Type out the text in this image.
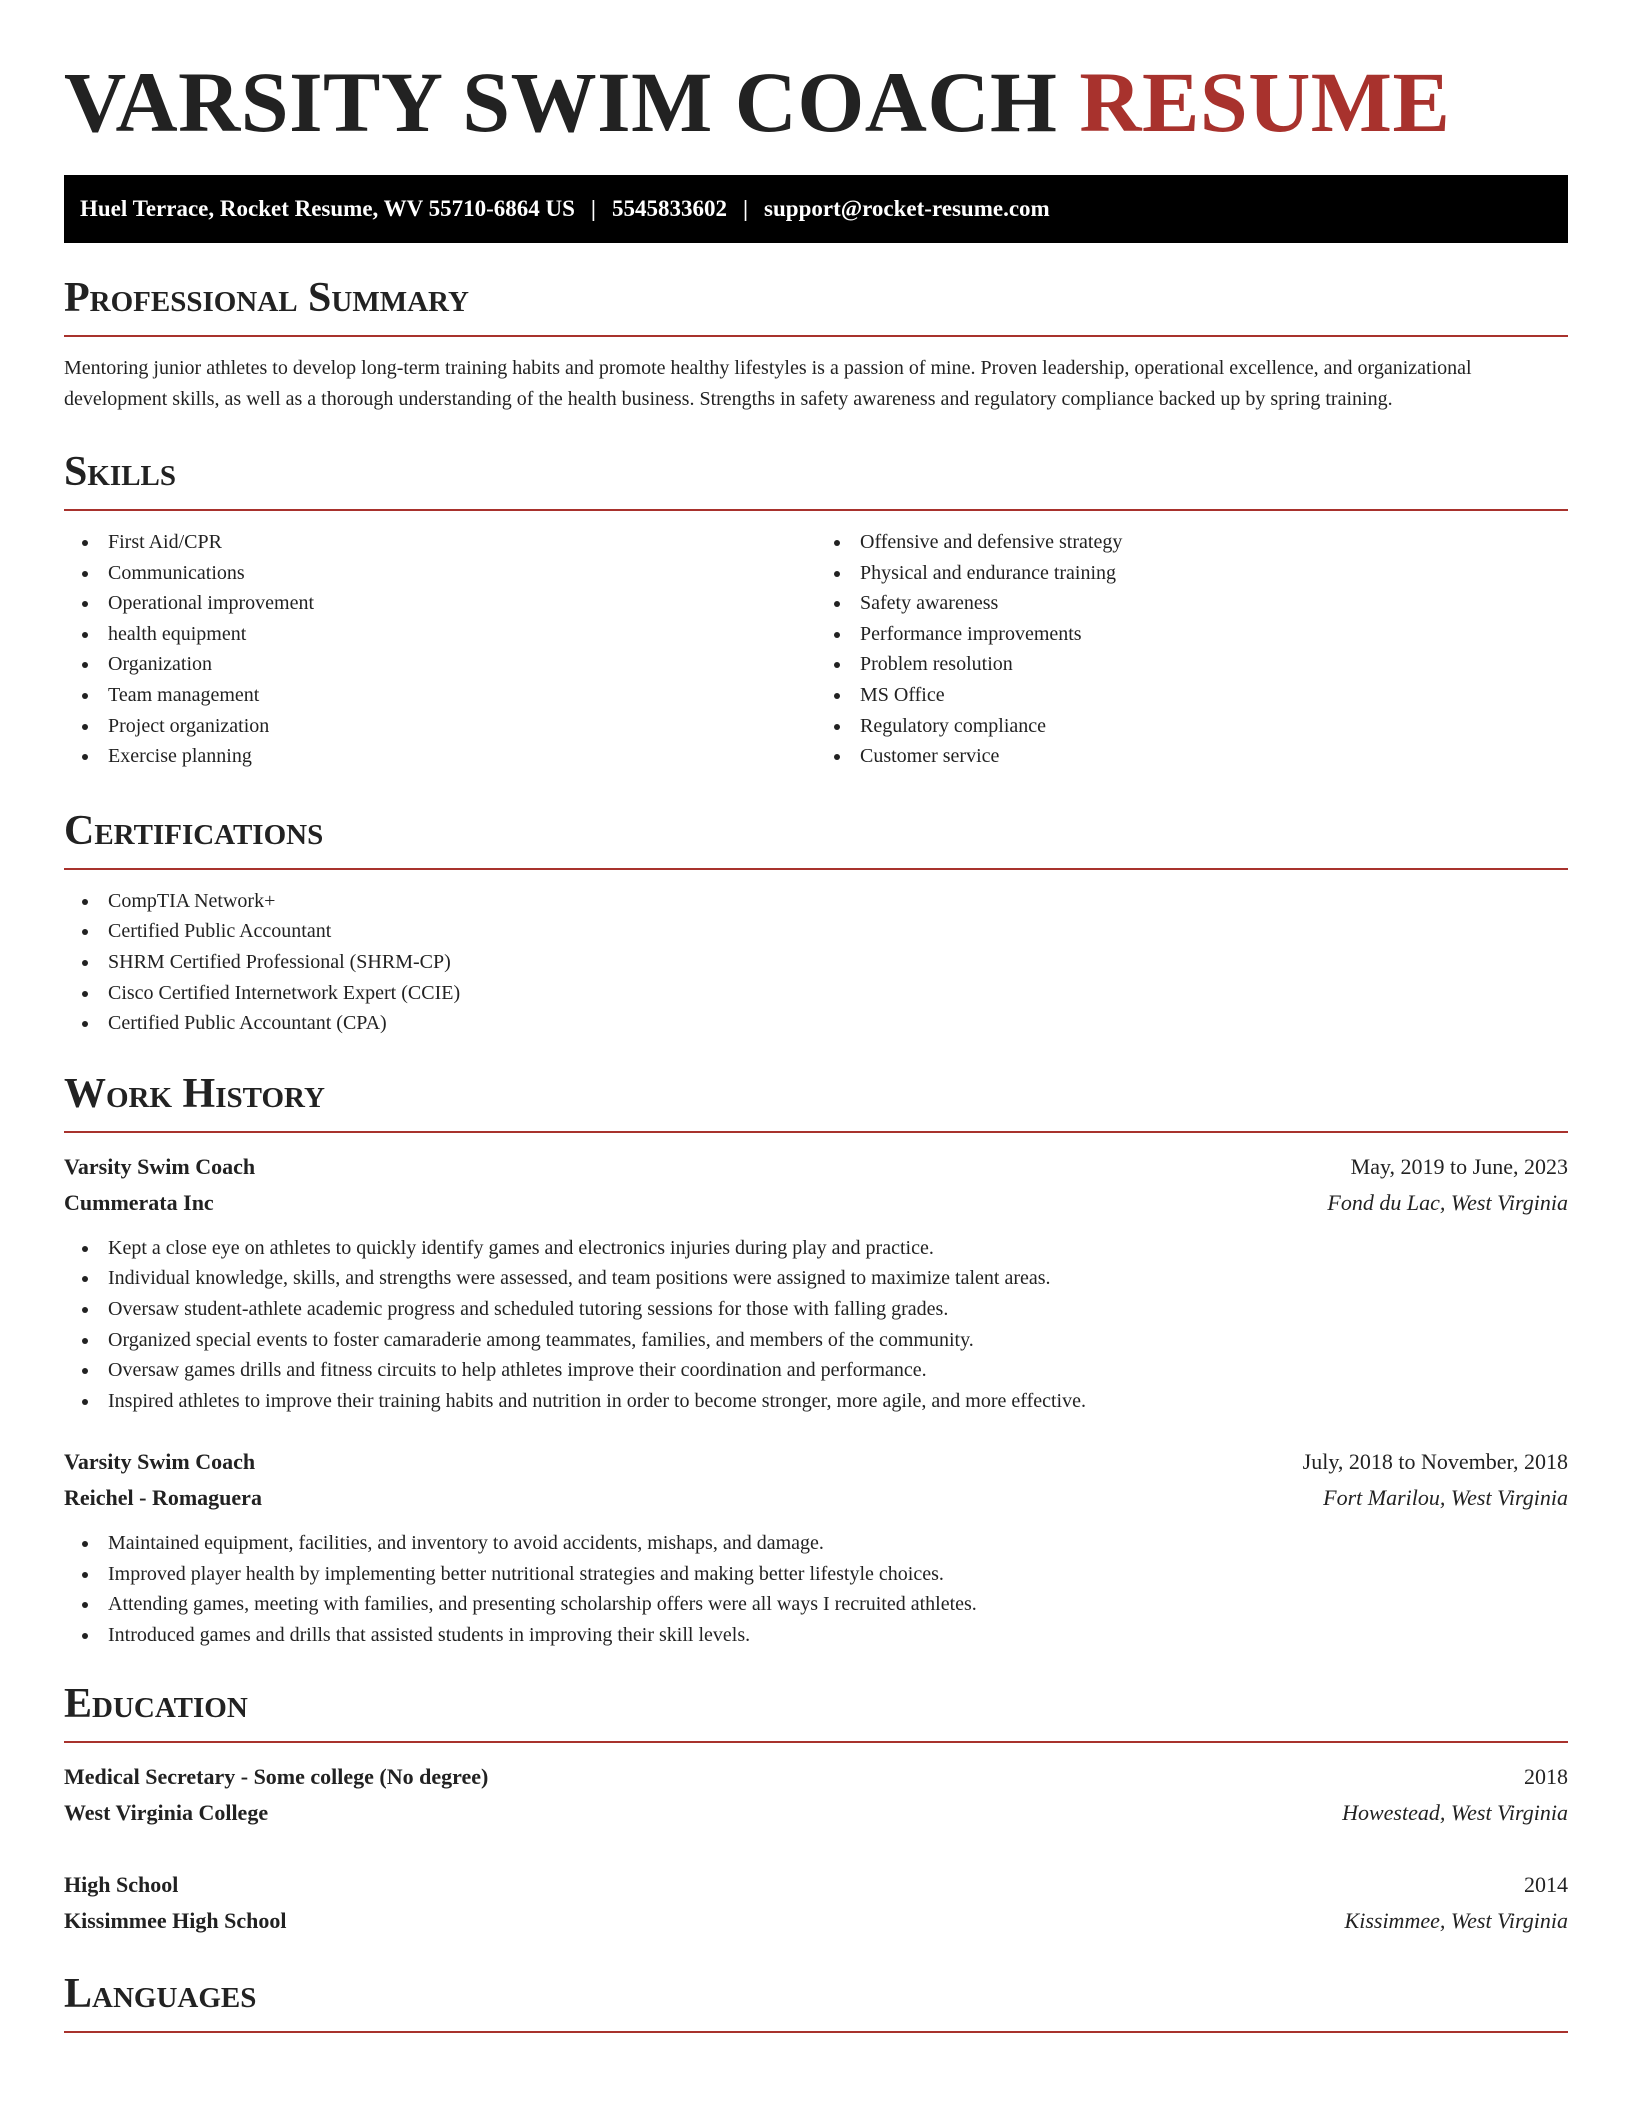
VARSITY SWIM COACH RESUME
Huel Terrace, Rocket Resume, WV 55710-6864 US | 5545833602 | support@rocket-resume.com
Professional Summary

Mentoring junior athletes to develop long-term training habits and promote healthy lifestyles is a passion of mine. Proven leadership, operational excellence, and organizational development skills, as well as a thorough understanding of the health business. Strengths in safety awareness and regulatory compliance backed up by spring training.

Skills
First Aid/CPR
Communications
Operational improvement
health equipment
Organization
Team management
Project organization
Exercise planning
Offensive and defensive strategy
Physical and endurance training
Safety awareness
Performance improvements
Problem resolution
MS Office
Regulatory compliance
Customer service
Certifications
CompTIA Network+
Certified Public Accountant
SHRM Certified Professional (SHRM-CP)
Cisco Certified Internetwork Expert (CCIE)
Certified Public Accountant (CPA)
Work History
Varsity Swim Coach	May, 2019 to June, 2023
Cummerata Inc	Fond du Lac, West Virginia
Kept a close eye on athletes to quickly identify games and electronics injuries during play and practice.
Individual knowledge, skills, and strengths were assessed, and team positions were assigned to maximize talent areas.
Oversaw student-athlete academic progress and scheduled tutoring sessions for those with falling grades.
Organized special events to foster camaraderie among teammates, families, and members of the community.
Oversaw games drills and fitness circuits to help athletes improve their coordination and performance.
Inspired athletes to improve their training habits and nutrition in order to become stronger, more agile, and more effective.
Varsity Swim Coach	July, 2018 to November, 2018
Reichel - Romaguera	Fort Marilou, West Virginia
Maintained equipment, facilities, and inventory to avoid accidents, mishaps, and damage.
Improved player health by implementing better nutritional strategies and making better lifestyle choices.
Attending games, meeting with families, and presenting scholarship offers were all ways I recruited athletes.
Introduced games and drills that assisted students in improving their skill levels.
Education
Medical Secretary - Some college (No degree)	2018
West Virginia College	Howestead, West Virginia
High School	2014
Kissimmee High School	Kissimmee, West Virginia
Languages
